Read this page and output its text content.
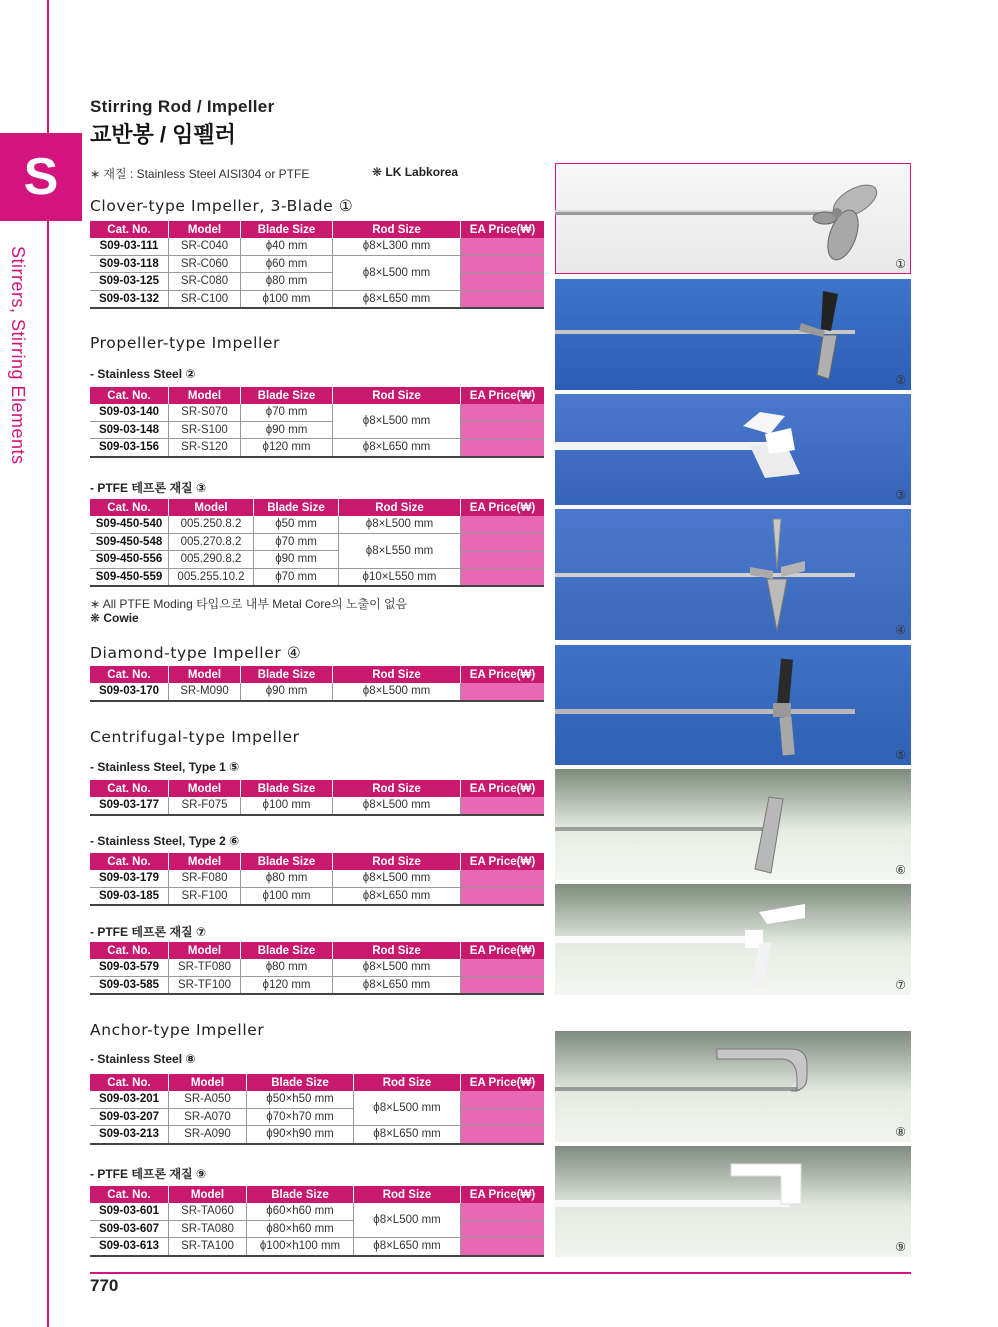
S
Stirrers, Stirring Elements
Stirring Rod / Impeller
교반봉 / 임펠러
∗ 재질 : Stainless Steel AISI304 or PTFE	❋ LK Labkorea
Clover-type Impeller, 3-Blade ①
Cat. No.	Model	Blade Size	Rod Size	EA Price(₩)
S09-03-111	SR-C040	ϕ40 mm	ϕ8×L300 mm	
S09-03-118	SR-C060	ϕ60 mm	ϕ8×L500 mm	
S09-03-125	SR-C080	ϕ80 mm		
S09-03-132	SR-C100	ϕ100 mm	ϕ8×L650 mm	
Propeller-type Impeller
- Stainless Steel ②
Cat. No.	Model	Blade Size	Rod Size	EA Price(₩)
S09-03-140	SR-S070	ϕ70 mm	ϕ8×L500 mm	
S09-03-148	SR-S100	ϕ90 mm		
S09-03-156	SR-S120	ϕ120 mm	ϕ8×L650 mm	
- PTFE 테프론 재질 ③
Cat. No.	Model	Blade Size	Rod Size	EA Price(₩)
S09-450-540	005.250.8.2	ϕ50 mm	ϕ8×L500 mm	
S09-450-548	005.270.8.2	ϕ70 mm	ϕ8×L550 mm	
S09-450-556	005.290.8.2	ϕ90 mm		
S09-450-559	005.255.10.2	ϕ70 mm	ϕ10×L550 mm	
∗ All PTFE Moding 타입으로 내부 Metal Core의 노출이 없음
❋ Cowie
Diamond-type Impeller ④
Cat. No.	Model	Blade Size	Rod Size	EA Price(₩)
S09-03-170	SR-M090	ϕ90 mm	ϕ8×L500 mm	
Centrifugal-type Impeller
- Stainless Steel, Type 1 ⑤
Cat. No.	Model	Blade Size	Rod Size	EA Price(₩)
S09-03-177	SR-F075	ϕ100 mm	ϕ8×L500 mm	
- Stainless Steel, Type 2 ⑥
Cat. No.	Model	Blade Size	Rod Size	EA Price(₩)
S09-03-179	SR-F080	ϕ80 mm	ϕ8×L500 mm	
S09-03-185	SR-F100	ϕ100 mm	ϕ8×L650 mm	
- PTFE 테프론 재질 ⑦
Cat. No.	Model	Blade Size	Rod Size	EA Price(₩)
S09-03-579	SR-TF080	ϕ80 mm	ϕ8×L500 mm	
S09-03-585	SR-TF100	ϕ120 mm	ϕ8×L650 mm	
Anchor-type Impeller
- Stainless Steel ⑧
Cat. No.	Model	Blade Size	Rod Size	EA Price(₩)
S09-03-201	SR-A050	ϕ50×h50 mm	ϕ8×L500 mm	
S09-03-207	SR-A070	ϕ70×h70 mm		
S09-03-213	SR-A090	ϕ90×h90 mm	ϕ8×L650 mm	
- PTFE 테프론 재질 ⑨
Cat. No.	Model	Blade Size	Rod Size	EA Price(₩)
S09-03-601	SR-TA060	ϕ60×h60 mm	ϕ8×L500 mm	
S09-03-607	SR-TA080	ϕ80×h60 mm		
S09-03-613	SR-TA100	ϕ100×h100 mm	ϕ8×L650 mm	
①
②
③
④
⑤
⑥
⑦
⑧
⑨
770
